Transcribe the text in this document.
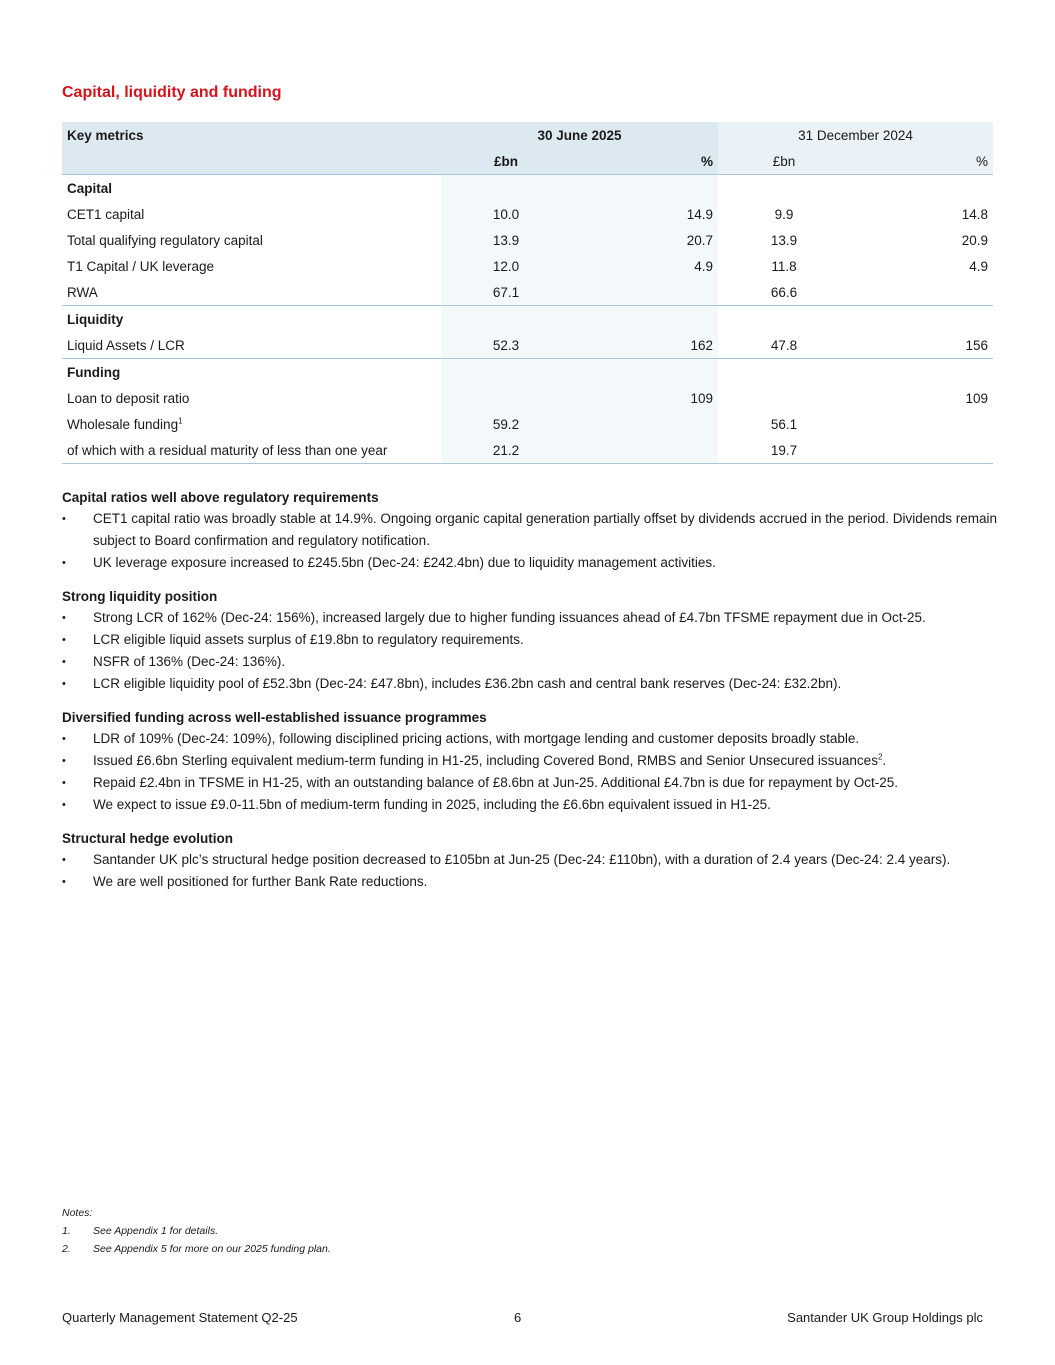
Capital, liquidity and funding
Key metrics	30 June 2025		31 December 2024	
	£bn	%	£bn	%
Capital				
CET1 capital	10.0	14.9	9.9	14.8
Total qualifying regulatory capital	13.9	20.7	13.9	20.9
T1 Capital / UK leverage	12.0	4.9	11.8	4.9
RWA	67.1		66.6	
Liquidity				
Liquid Assets / LCR	52.3	162	47.8	156
Funding				
Loan to deposit ratio		109		109
Wholesale funding$^1$	59.2		56.1	
of which with a residual maturity of less than one year	21.2		19.7	
Capital ratios well above regulatory requirements
•	CET1 capital ratio was broadly stable at 14.9%. Ongoing organic capital generation partially offset by dividends accrued in the period. Dividends remain subject to Board confirmation and regulatory notification.
•	UK leverage exposure increased to £245.5bn (Dec-24: £242.4bn) due to liquidity management activities.
Strong liquidity position
•	Strong LCR of 162% (Dec-24: 156%), increased largely due to higher funding issuances ahead of £4.7bn TFSME repayment due in Oct-25.
•	LCR eligible liquid assets surplus of £19.8bn to regulatory requirements.
•	NSFR of 136% (Dec-24: 136%).
•	LCR eligible liquidity pool of £52.3bn (Dec-24: £47.8bn), includes £36.2bn cash and central bank reserves (Dec-24: £32.2bn).
Diversified funding across well-established issuance programmes
•	LDR of 109% (Dec-24: 109%), following disciplined pricing actions, with mortgage lending and customer deposits broadly stable.
•	Issued £6.6bn Sterling equivalent medium-term funding in H1-25, including Covered Bond, RMBS and Senior Unsecured issuances$^2$.
•	Repaid £2.4bn in TFSME in H1-25, with an outstanding balance of £8.6bn at Jun-25. Additional £4.7bn is due for repayment by Oct-25.
•	We expect to issue £9.0-11.5bn of medium-term funding in 2025, including the £6.6bn equivalent issued in H1-25.
Structural hedge evolution
•	Santander UK plc’s structural hedge position decreased to £105bn at Jun-25 (Dec-24: £110bn), with a duration of 2.4 years (Dec-24: 2.4 years).
•	We are well positioned for further Bank Rate reductions.
Notes:
1.	See Appendix 1 for details.
2.	See Appendix 5 for more on our 2025 funding plan.
Quarterly Management Statement Q2-25	6	Santander UK Group Holdings plc
